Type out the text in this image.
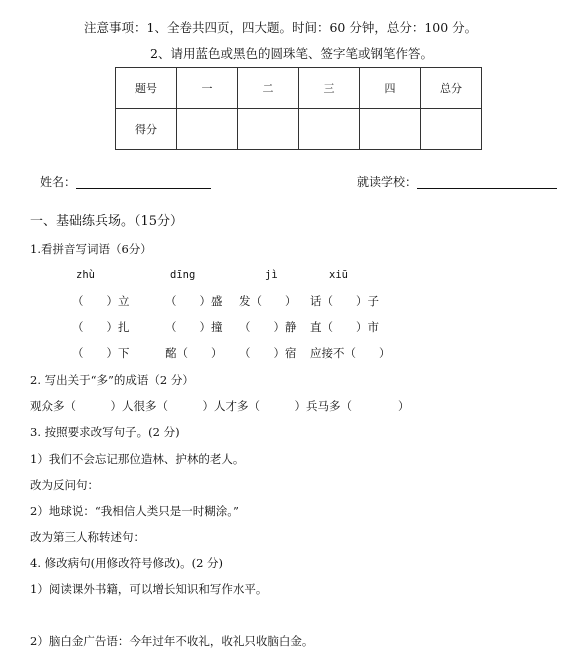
注意事项：1、全卷共四页，四大题。时间：60 分钟，总分：100 分。
2、请用蓝色或黑色的圆珠笔、签字笔或钢笔作答。
题号	一	二	三	四	总分
得分					
姓名：	就读学校：
一、基础练兵场。（15分）
1.看拼音写词语（6分）
zhù	dīng	jì	xiū
（　　）立	（　　）盛 发（　　） 话（　　）子
（　　）扎	（　　）撞 （　　）静 直（　　）市
（　　）下	酩（　　） （　　）宿 应接不（　　）
2. 写出关于“多”的成语（2 分）
观众多（　　　）人很多（　　　）人才多（　　　）兵马多（　　　　）
3. 按照要求改写句子。(2 分)
1）我们不会忘记那位造林、护林的老人。
改为反问句：
2）地球说：“我相信人类只是一时糊涂。”
改为第三人称转述句：
4. 修改病句(用修改符号修改)。(2 分)
1）阅读课外书籍，可以增长知识和写作水平。
2）脑白金广告语：今年过年不收礼，收礼只收脑白金。
